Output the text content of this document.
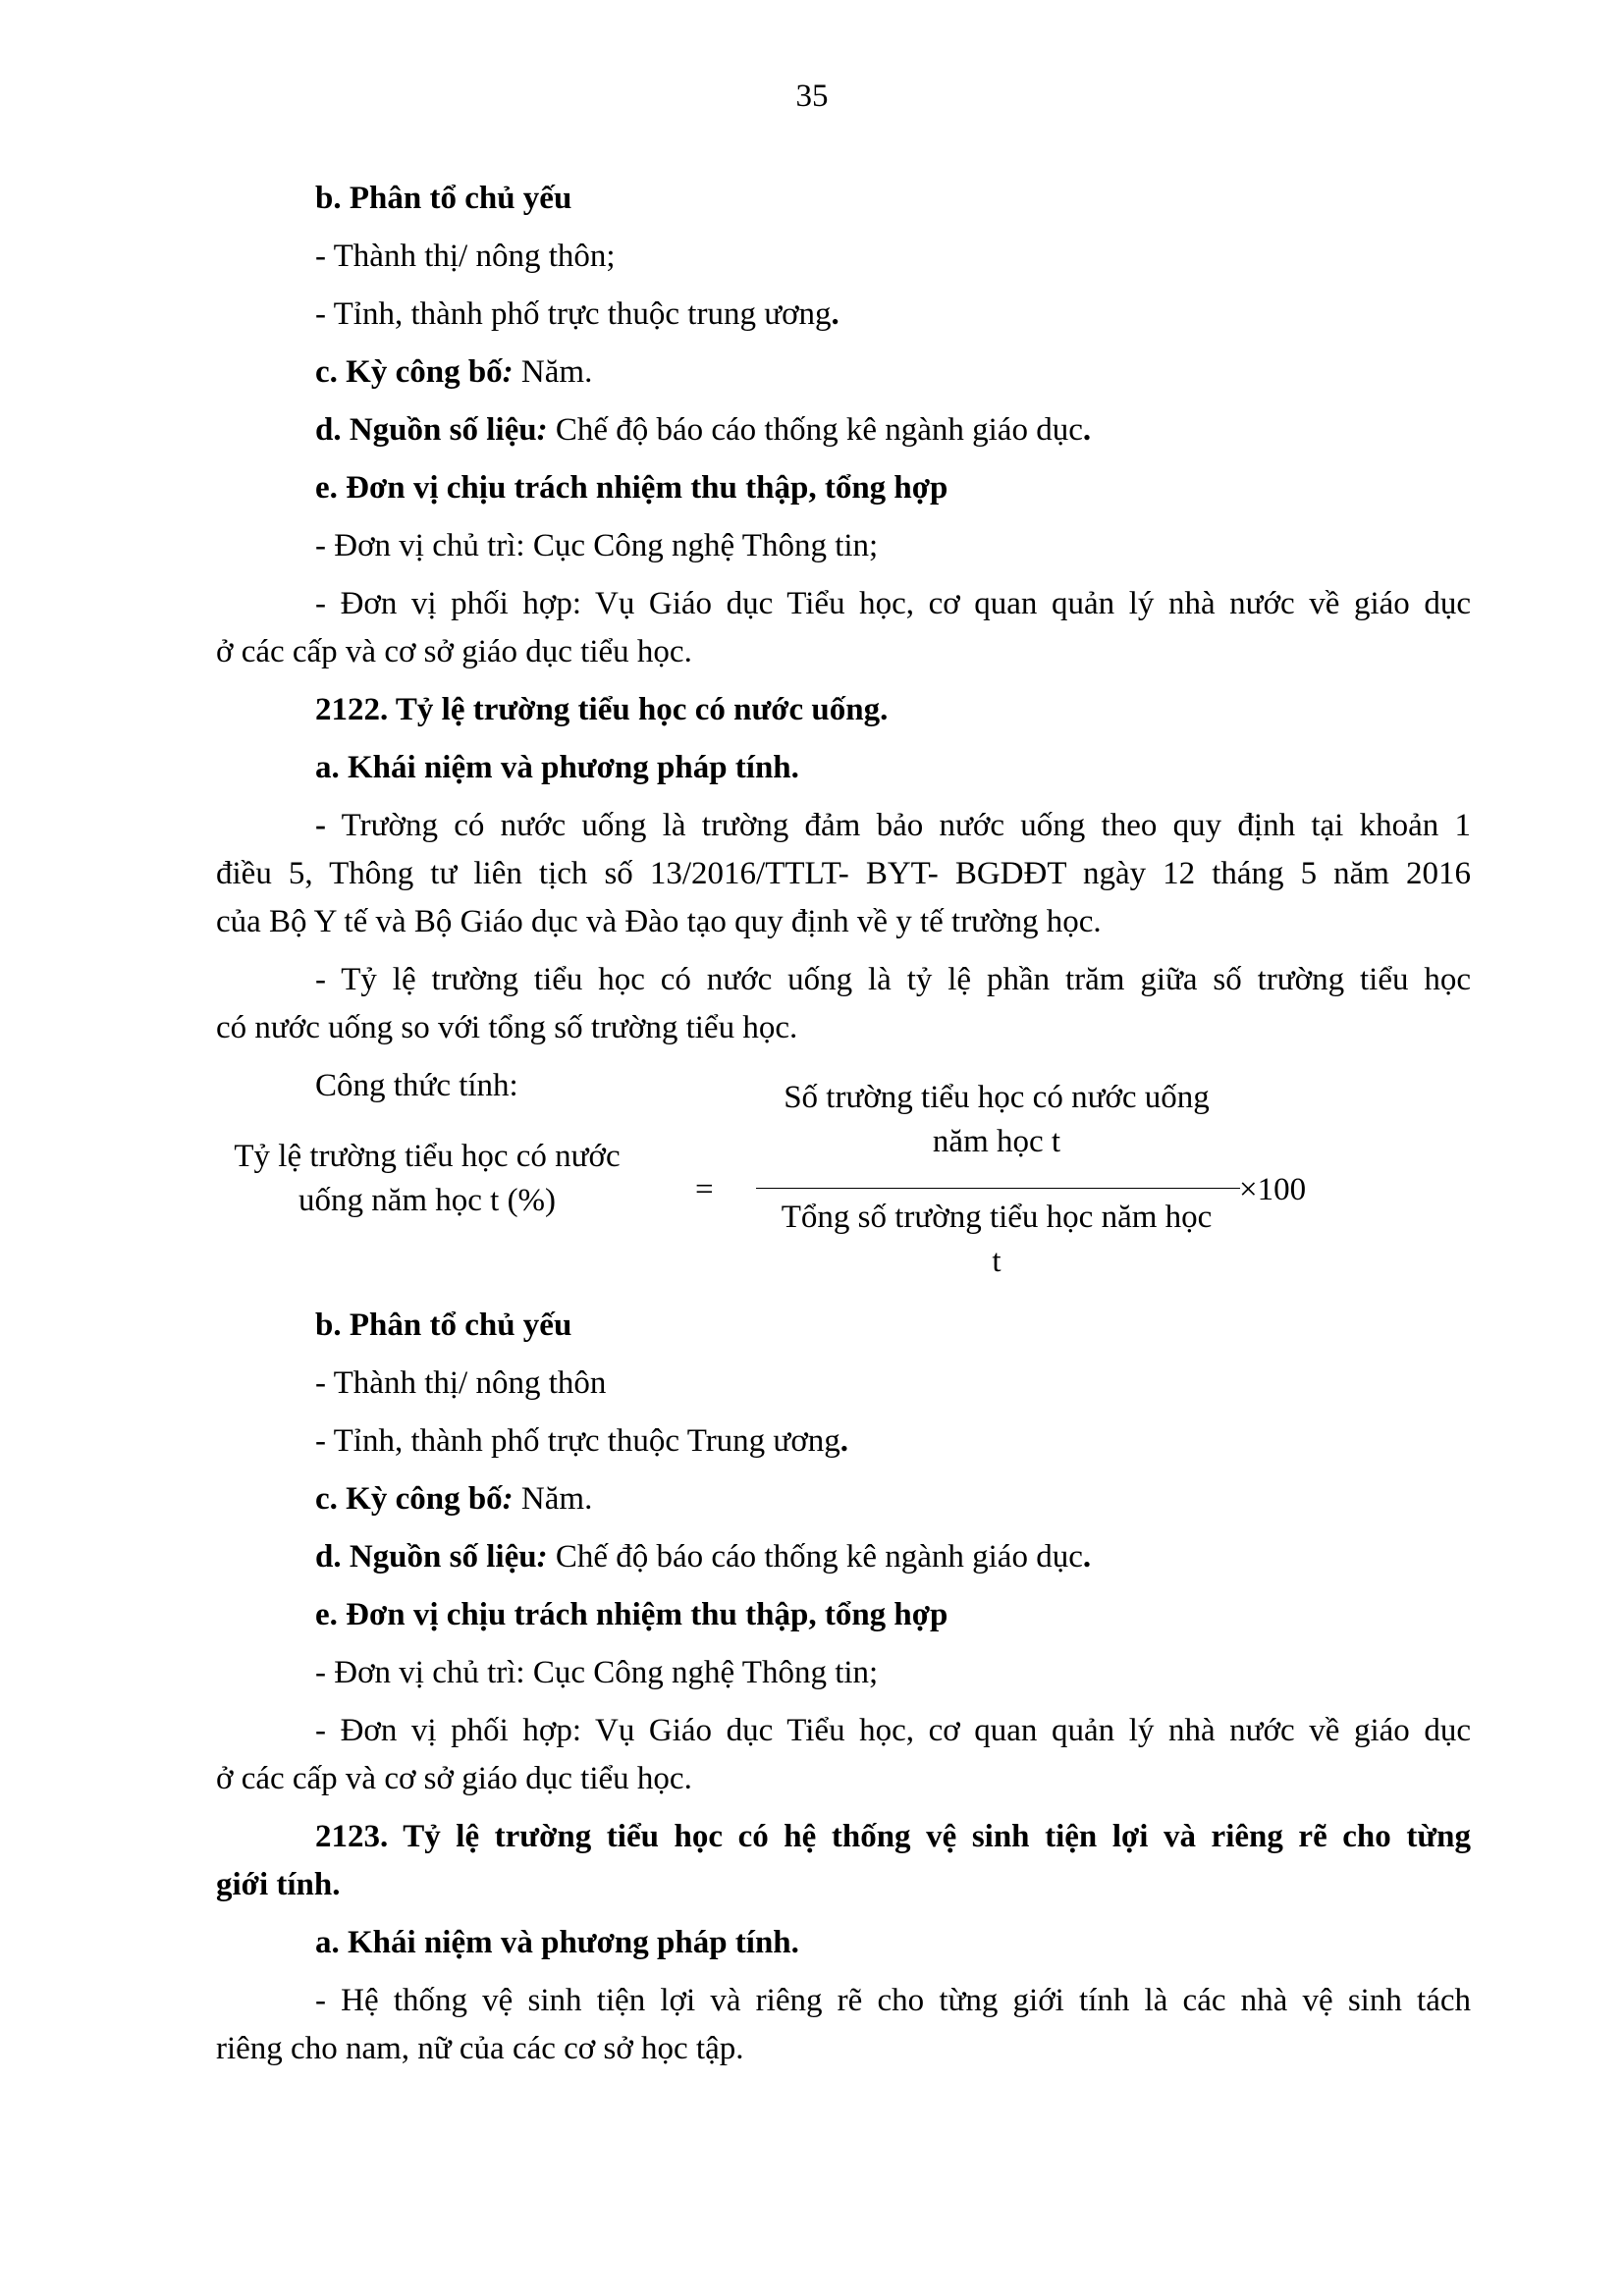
35
b. Phân tổ chủ yếu
- Thành thị/ nông thôn;
- Tỉnh, thành phố trực thuộc trung ương.
c. Kỳ công bố: Năm.
d. Nguồn số liệu: Chế độ báo cáo thống kê ngành giáo dục.
e. Đơn vị chịu trách nhiệm thu thập, tổng hợp
- Đơn vị chủ trì: Cục Công nghệ Thông tin;
- Đơn vị phối hợp: Vụ Giáo dục Tiểu học, cơ quan quản lý nhà nước về giáo dục
ở các cấp và cơ sở giáo dục tiểu học.
2122. Tỷ lệ trường tiểu học có nước uống.
a. Khái niệm và phương pháp tính.
- Trường có nước uống là trường đảm bảo nước uống theo quy định tại khoản 1
điều 5, Thông tư liên tịch số 13/2016/TTLT- BYT- BGDĐT ngày 12 tháng 5 năm 2016
của Bộ Y tế và Bộ Giáo dục và Đào tạo quy định về y tế trường học.
- Tỷ lệ trường tiểu học có nước uống là tỷ lệ phần trăm giữa số trường tiểu học
có nước uống so với tổng số trường tiểu học.
Công thức tính:
Tỷ lệ trường tiểu học có nước
uống năm học t (%)	=
Số trường tiểu học có nước uống
năm học t
Tổng số trường tiểu học năm học
t
×100
b. Phân tổ chủ yếu
- Thành thị/ nông thôn
- Tỉnh, thành phố trực thuộc Trung ương.
c. Kỳ công bố: Năm.
d. Nguồn số liệu: Chế độ báo cáo thống kê ngành giáo dục.
e. Đơn vị chịu trách nhiệm thu thập, tổng hợp
- Đơn vị chủ trì: Cục Công nghệ Thông tin;
- Đơn vị phối hợp: Vụ Giáo dục Tiểu học, cơ quan quản lý nhà nước về giáo dục
ở các cấp và cơ sở giáo dục tiểu học.
2123. Tỷ lệ trường tiểu học có hệ thống vệ sinh tiện lợi và riêng rẽ cho từng
giới tính.
a. Khái niệm và phương pháp tính.
- Hệ thống vệ sinh tiện lợi và riêng rẽ cho từng giới tính là các nhà vệ sinh tách
riêng cho nam, nữ của các cơ sở học tập.
